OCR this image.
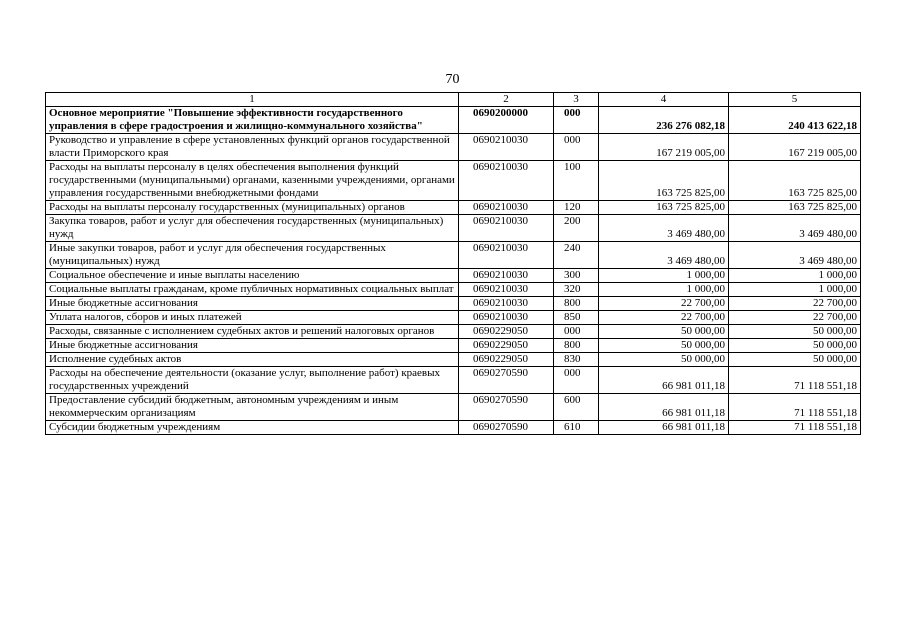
70
1	2	3	4	5
Основное мероприятие "Повышение эффективности государственного управления в сфере градостроения и жилищно-коммунального хозяйства"	0690200000	000	236 276 082,18	240 413 622,18
Руководство и управление в сфере установленных функций органов государственной власти Приморского края	0690210030	000	167 219 005,00	167 219 005,00
Расходы на выплаты персоналу в целях обеспечения выполнения функций государственными (муниципальными) органами, казенными учреждениями, органами управления государственными внебюджетными фондами	0690210030	100	163 725 825,00	163 725 825,00
Расходы на выплаты персоналу государственных (муниципальных) органов	0690210030	120	163 725 825,00	163 725 825,00
Закупка товаров, работ и услуг для обеспечения государственных (муниципальных) нужд	0690210030	200	3 469 480,00	3 469 480,00
Иные закупки товаров, работ и услуг для обеспечения государственных (муниципальных) нужд	0690210030	240	3 469 480,00	3 469 480,00
Социальное обеспечение и иные выплаты населению	0690210030	300	1 000,00	1 000,00
Социальные выплаты гражданам, кроме публичных нормативных социальных выплат	0690210030	320	1 000,00	1 000,00
Иные бюджетные ассигнования	0690210030	800	22 700,00	22 700,00
Уплата налогов, сборов и иных платежей	0690210030	850	22 700,00	22 700,00
Расходы, связанные с исполнением судебных актов и решений налоговых органов	0690229050	000	50 000,00	50 000,00
Иные бюджетные ассигнования	0690229050	800	50 000,00	50 000,00
Исполнение судебных актов	0690229050	830	50 000,00	50 000,00
Расходы на обеспечение деятельности (оказание услуг, выполнение работ) краевых государственных учреждений	0690270590	000	66 981 011,18	71 118 551,18
Предоставление субсидий бюджетным, автономным учреждениям и иным некоммерческим организациям	0690270590	600	66 981 011,18	71 118 551,18
Субсидии бюджетным учреждениям	0690270590	610	66 981 011,18	71 118 551,18
